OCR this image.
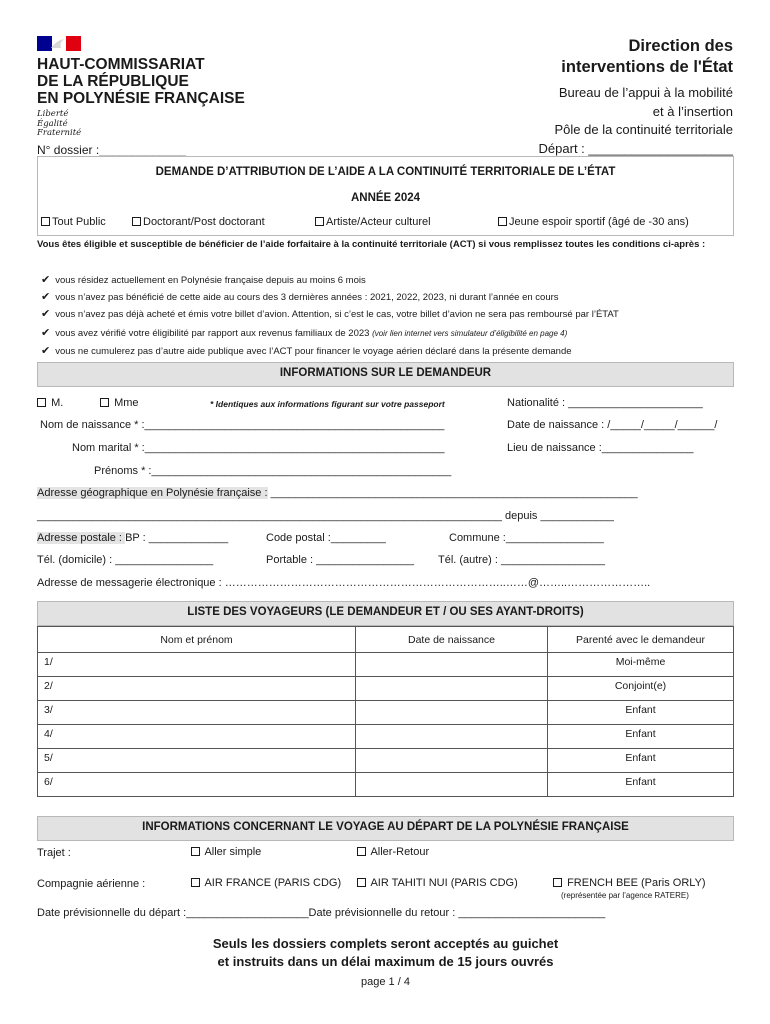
HAUT-COMMISSARIAT
DE LA RÉPUBLIQUE
EN POLYNÉSIE FRANÇAISE
Liberté
Égalité
Fraternité
N° dossier :_____________
Direction des
interventions de l'État
Bureau de l’appui à la mobilité
et à l’insertion
Pôle de la continuité territoriale
Départ : ____________________
DEMANDE D’ATTRIBUTION DE L’AIDE A LA CONTINUITÉ TERRITORIALE DE L’ÉTAT
ANNÉE 2024
Tout Public	Doctorant/Post doctorant	Artiste/Acteur culturel	Jeune espoir sportif (âgé de -30 ans)
Vous êtes éligible et susceptible de bénéficier de l’aide forfaitaire à la continuité territoriale (ACT) si vous remplissez toutes les conditions ci-après :
✔ vous résidez actuellement en Polynésie française depuis au moins 6 mois
✔ vous n’avez pas bénéficié de cette aide au cours des 3 dernières années : 2021, 2022, 2023, ni durant l’année en cours
✔ vous n’avez pas déjà acheté et émis votre billet d’avion. Attention, si c’est le cas, votre billet d’avion ne sera pas remboursé par l’ÉTAT
✔ vous avez vérifié votre éligibilité par rapport aux revenus familiaux de 2023 (voir lien internet vers simulateur d’éligibilité en page 4)
✔ vous ne cumulerez pas d’autre aide publique avec l’ACT pour financer le voyage aérien déclaré dans la présente demande
INFORMATIONS SUR LE DEMANDEUR
M.	Mme	* Identiques aux informations figurant sur votre passeport	Nationalité : ______________________
Nom de naissance * :_________________________________________________	Date de naissance : /_____/_____/______/
Nom marital * :_________________________________________________	Lieu de naissance :_______________
Prénoms * :_________________________________________________
Adresse géographique en Polynésie française : ____________________________________________________________
____________________________________________________________________________ depuis ____________
Adresse postale : BP : _____________	Code postal :_________	Commune :________________
Tél. (domicile) : ________________	Portable : ________________ Tél. (autre) : _________________
Adresse de messagerie électronique : …………………………………………………………………..……@……..…………………..
LISTE DES VOYAGEURS (LE DEMANDEUR ET / OU SES AYANT-DROITS)
Nom et prénom	Date de naissance	Parenté avec le demandeur
1/		Moi-même
2/		Conjoint(e)
3/		Enfant
4/		Enfant
5/		Enfant
6/		Enfant
INFORMATIONS CONCERNANT LE VOYAGE AU DÉPART DE LA POLYNÉSIE FRANÇAISE
Trajet :	Aller simple	Aller-Retour
Compagnie aérienne :	AIR FRANCE (PARIS CDG)	AIR TAHITI NUI (PARIS CDG)	FRENCH BEE (Paris ORLY)
(représentée par l’agence RATERE)
Date prévisionnelle du départ :____________________Date prévisionnelle du retour : ________________________
Seuls les dossiers complets seront acceptés au guichet
et instruits dans un délai maximum de 15 jours ouvrés
page 1 / 4
